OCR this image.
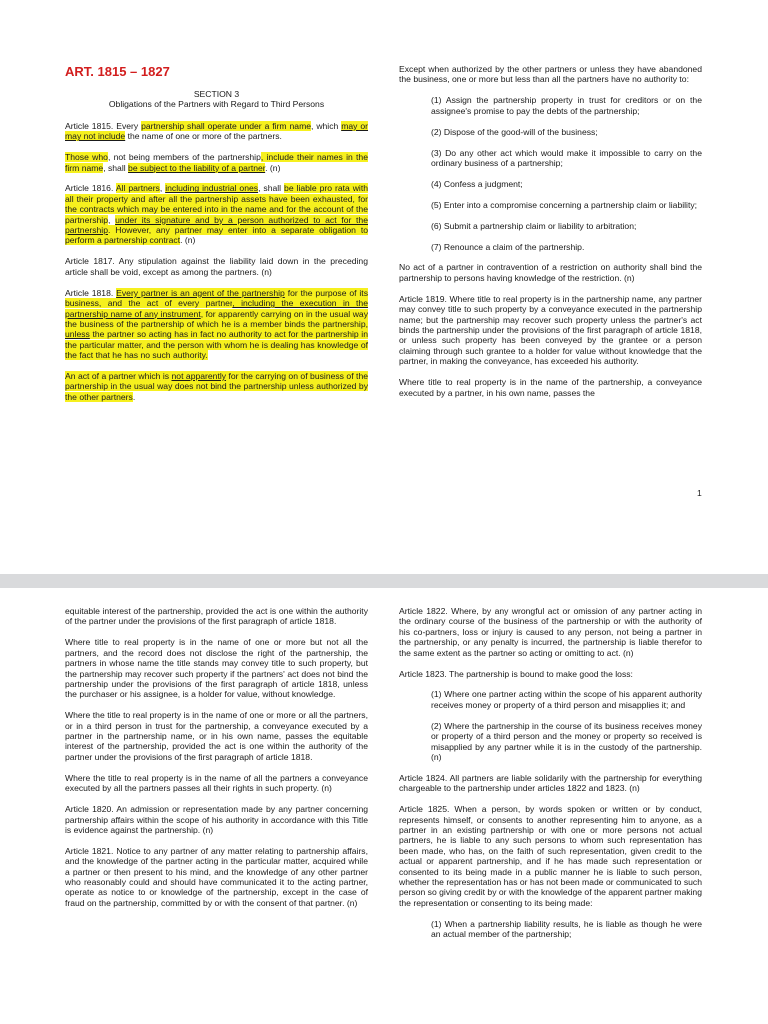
ART. 1815 – 1827
SECTION 3
Obligations of the Partners with Regard to Third Persons

Article 1815. Every partnership shall operate under a firm name, which may or may not include the name of one or more of the partners.

Those who, not being members of the partnership, include their names in the firm name, shall be subject to the liability of a partner. (n)

Article 1816. All partners, including industrial ones, shall be liable pro rata with all their property and after all the partnership assets have been exhausted, for the contracts which may be entered into in the name and for the account of the partnership, under its signature and by a person authorized to act for the partnership. However, any partner may enter into a separate obligation to perform a partnership contract. (n)

Article 1817. Any stipulation against the liability laid down in the preceding article shall be void, except as among the partners. (n)

Article 1818. Every partner is an agent of the partnership for the purpose of its business, and the act of every partner, including the execution in the partnership name of any instrument, for apparently carrying on in the usual way the business of the partnership of which he is a member binds the partnership, unless the partner so acting has in fact no authority to act for the partnership in the particular matter, and the person with whom he is dealing has knowledge of the fact that he has no such authority.

An act of a partner which is not apparently for the carrying on of business of the partnership in the usual way does not bind the partnership unless authorized by the other partners.

Except when authorized by the other partners or unless they have abandoned the business, one or more but less than all the partners have no authority to:

(1) Assign the partnership property in trust for creditors or on the assignee's promise to pay the debts of the partnership;

(2) Dispose of the good-will of the business;

(3) Do any other act which would make it impossible to carry on the ordinary business of a partnership;

(4) Confess a judgment;

(5) Enter into a compromise concerning a partnership claim or liability;

(6) Submit a partnership claim or liability to arbitration;

(7) Renounce a claim of the partnership.

No act of a partner in contravention of a restriction on authority shall bind the partnership to persons having knowledge of the restriction. (n)

Article 1819. Where title to real property is in the partnership name, any partner may convey title to such property by a conveyance executed in the partnership name; but the partnership may recover such property unless the partner's act binds the partnership under the provisions of the first paragraph of article 1818, or unless such property has been conveyed by the grantee or a person claiming through such grantee to a holder for value without knowledge that the partner, in making the conveyance, has exceeded his authority.

Where title to real property is in the name of the partnership, a conveyance executed by a partner, in his own name, passes the

1

equitable interest of the partnership, provided the act is one within the authority of the partner under the provisions of the first paragraph of article 1818.

Where title to real property is in the name of one or more but not all the partners, and the record does not disclose the right of the partnership, the partners in whose name the title stands may convey title to such property, but the partnership may recover such property if the partners' act does not bind the partnership under the provisions of the first paragraph of article 1818, unless the purchaser or his assignee, is a holder for value, without knowledge.

Where the title to real property is in the name of one or more or all the partners, or in a third person in trust for the partnership, a conveyance executed by a partner in the partnership name, or in his own name, passes the equitable interest of the partnership, provided the act is one within the authority of the partner under the provisions of the first paragraph of article 1818.

Where the title to real property is in the name of all the partners a conveyance executed by all the partners passes all their rights in such property. (n)

Article 1820. An admission or representation made by any partner concerning partnership affairs within the scope of his authority in accordance with this Title is evidence against the partnership. (n)

Article 1821. Notice to any partner of any matter relating to partnership affairs, and the knowledge of the partner acting in the particular matter, acquired while a partner or then present to his mind, and the knowledge of any other partner who reasonably could and should have communicated it to the acting partner, operate as notice to or knowledge of the partnership, except in the case of fraud on the partnership, committed by or with the consent of that partner. (n)

Article 1822. Where, by any wrongful act or omission of any partner acting in the ordinary course of the business of the partnership or with the authority of his co-partners, loss or injury is caused to any person, not being a partner in the partnership, or any penalty is incurred, the partnership is liable therefor to the same extent as the partner so acting or omitting to act. (n)

Article 1823. The partnership is bound to make good the loss:

(1) Where one partner acting within the scope of his apparent authority receives money or property of a third person and misapplies it; and

(2) Where the partnership in the course of its business receives money or property of a third person and the money or property so received is misapplied by any partner while it is in the custody of the partnership. (n)

Article 1824. All partners are liable solidarily with the partnership for everything chargeable to the partnership under articles 1822 and 1823. (n)

Article 1825. When a person, by words spoken or written or by conduct, represents himself, or consents to another representing him to anyone, as a partner in an existing partnership or with one or more persons not actual partners, he is liable to any such persons to whom such representation has been made, who has, on the faith of such representation, given credit to the actual or apparent partnership, and if he has made such representation or consented to its being made in a public manner he is liable to such person, whether the representation has or has not been made or communicated to such person so giving credit by or with the knowledge of the apparent partner making the representation or consenting to its being made:

(1) When a partnership liability results, he is liable as though he were an actual member of the partnership;
